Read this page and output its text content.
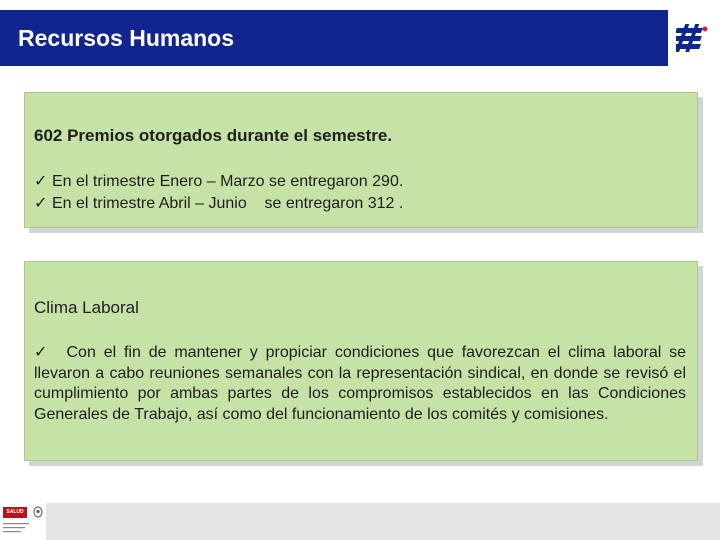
Recursos Humanos
602 Premios otorgados durante el semestre.
✓ En el trimestre Enero – Marzo se entregaron 290.
✓ En el trimestre Abril – Junio    se entregaron 312 .
Clima Laboral
✓ Con el fin de mantener y propiciar condiciones que favorezcan el clima laboral se llevaron a cabo reuniones semanales con la representación sindical, en donde se revisó el cumplimiento por ambas partes de los compromisos establecidos en las Condiciones Generales de Trabajo, así como del funcionamiento de los comités y comisiones.
SALUD
